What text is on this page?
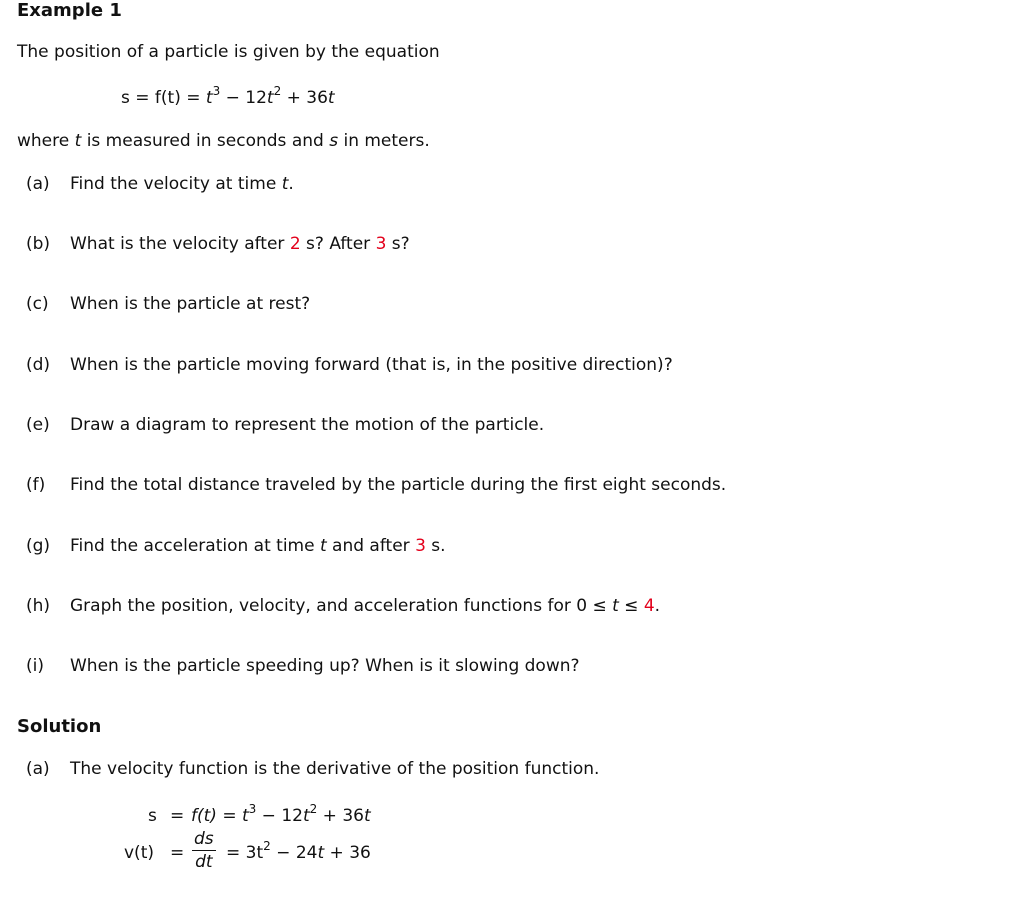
Example 1
The position of a particle is given by the equation
$s = f(t) = t^3 - 12t^2 + 36t$
where t is measured in seconds and s in meters.
(a) Find the velocity at time t.
(b) What is the velocity after 2 s? After 3 s?
(c) When is the particle at rest?
(d) When is the particle moving forward (that is, in the positive direction)?
(e) Draw a diagram to represent the motion of the particle.
(f) Find the total distance traveled by the particle during the first eight seconds.
(g) Find the acceleration at time t and after 3 s.
(h) Graph the position, velocity, and acceleration functions for 0 ≤ t ≤ 4.
(i) When is the particle speeding up? When is it slowing down?
Solution
(a) The velocity function is the derivative of the position function.
$s = f(t) = t^3 - 12t^2 + 36t$
v(t) =
ds
dt = $3t^2 - 24t + 36$
